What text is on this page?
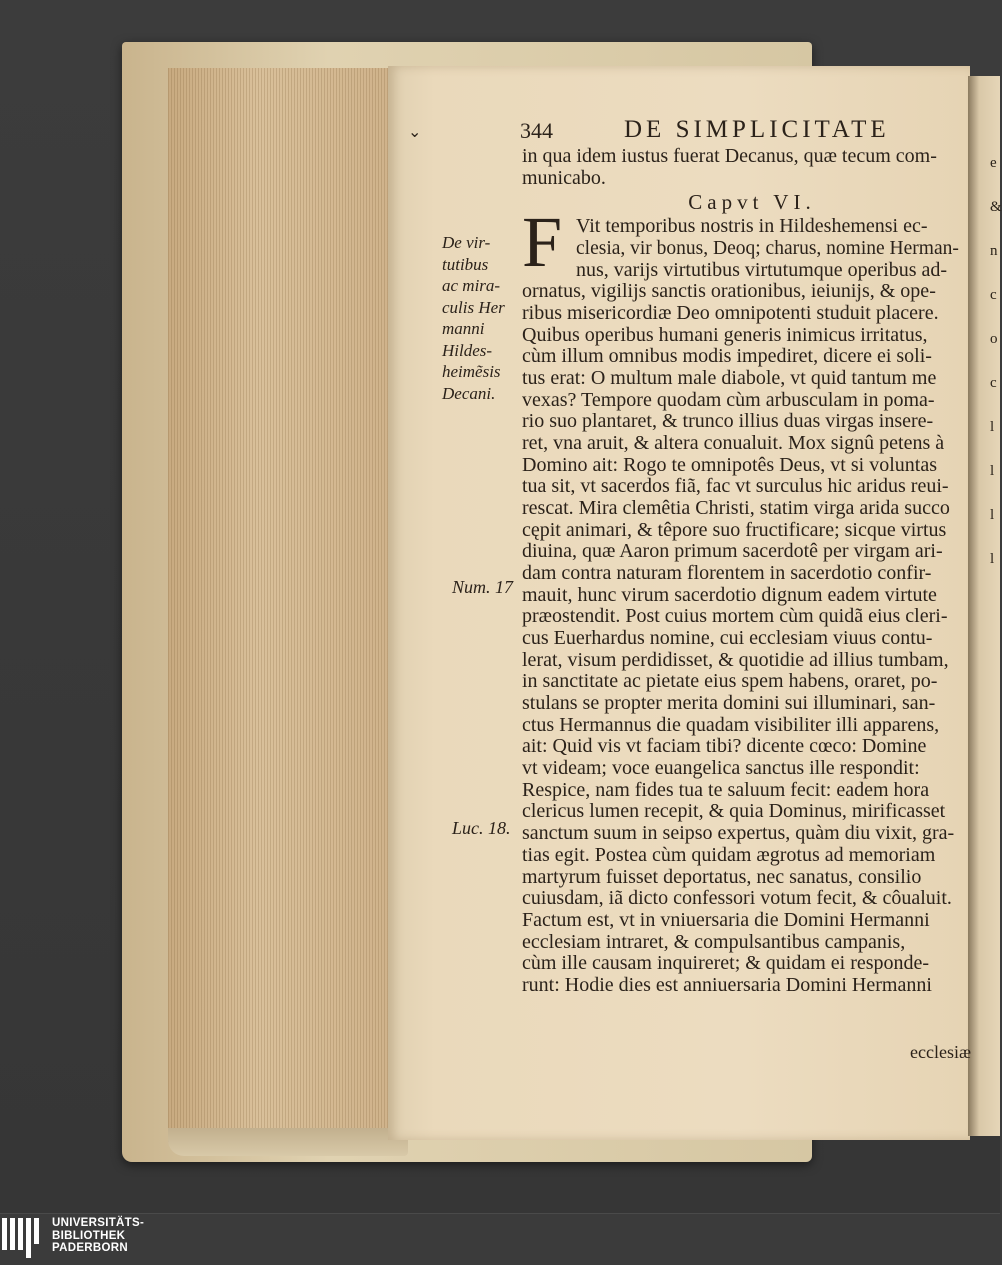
e
&
n
c
o
c
l
l
l
l
⌄	344	DE SIMPLICITATE
in qua idem iustus fuerat Decanus, quæ tecum com-
municabo.
Capvt VI.
Vit temporibus nostris in Hildeshemensi ec-
clesia, vir bonus, Deoq; charus, nomine Herman-
nus, varijs virtutibus virtutumque operibus ad-
ornatus, vigilijs sanctis orationibus, ieiunijs, & ope-
ribus misericordiæ Deo omnipotenti studuit placere.
Quibus operibus humani generis inimicus irritatus,
cùm illum omnibus modis impediret, dicere ei soli-
tus erat: O multum male diabole, vt quid tantum me
vexas? Tempore quodam cùm arbusculam in poma-
rio suo plantaret, & trunco illius duas virgas insere-
ret, vna aruit, & altera conualuit. Mox signû petens à
Domino ait: Rogo te omnipotês Deus, vt si voluntas
tua sit, vt sacerdos fiã, fac vt surculus hic aridus reui-
rescat. Mira clemêtia Christi, statim virga arida succo
cępit animari, & têpore suo fructificare; sicque virtus
diuina, quæ Aaron primum sacerdotê per virgam ari-
dam contra naturam florentem in sacerdotio confir-
mauit, hunc virum sacerdotio dignum eadem virtute
præostendit. Post cuius mortem cùm quidã eius cleri-
cus Euerhardus nomine, cui ecclesiam viuus contu-
lerat, visum perdidisset, & quotidie ad illius tumbam,
in sanctitate ac pietate eius spem habens, oraret, po-
stulans se propter merita domini sui illuminari, san-
ctus Hermannus die quadam visibiliter illi apparens,
ait: Quid vis vt faciam tibi? dicente cœco: Domine
vt videam; voce euangelica sanctus ille respondit:
Respice, nam fides tua te saluum fecit: eadem hora
clericus lumen recepit, & quia Dominus, mirificasset
sanctum suum in seipso expertus, quàm diu vixit, gra-
tias egit. Postea cùm quidam ægrotus ad memoriam
martyrum fuisset deportatus, nec sanatus, consilio
cuiusdam, iã dicto confessori votum fecit, & côualuit.
Factum est, vt in vniuersaria die Domini Hermanni
ecclesiam intraret, & compulsantibus campanis,
cùm ille causam inquireret; & quidam ei responde-
runt: Hodie dies est anniuersaria Domini Hermanni
F
De vir-
tutibus
ac mira-
culis Her
manni
Hildes-
heimẽsis
Decani.
Num. 17
Luc. 18.
ecclesiæ
UNIVERSITÄTS-
BIBLIOTHEK
PADERBORN
